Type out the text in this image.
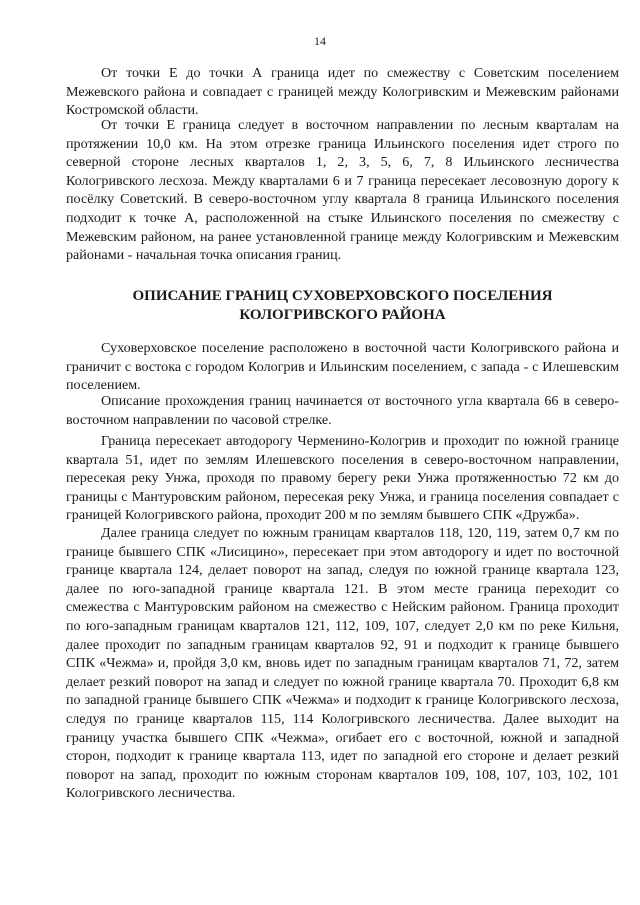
14

От точки Е до точки А граница идет по смежеству с Советским поселением Межевского района и совпадает с границей между Кологривским и Межевским районами Костромской области.

От точки Е граница следует в восточном направлении по лесным кварталам на протяжении 10,0 км. На этом отрезке граница Ильинского поселения идет строго по северной стороне лесных кварталов 1, 2, 3, 5, 6, 7, 8 Ильинского лесничества Кологривского лесхоза. Между кварталами 6 и 7 граница пересекает лесовозную дорогу к посёлку Советский. В северо-восточном углу квартала 8 граница Ильинского поселения подходит к точке А, расположенной на стыке Ильинского поселения по смежеству с Межевским районом, на ранее установленной границе между Кологривским и Межевским районами - начальная точка описания границ.

ОПИСАНИЕ ГРАНИЦ СУХОВЕРХОВСКОГО ПОСЕЛЕНИЯ
КОЛОГРИВСКОГО РАЙОНА

Суховерховское поселение расположено в восточной части Кологривского района и граничит с востока с городом Кологрив и Ильинским поселением, с запада - с Илешевским поселением.

Описание прохождения границ начинается от восточного угла квартала 66 в северо-восточном направлении по часовой стрелке.

Граница пересекает автодорогу Черменино-Кологрив и проходит по южной границе квартала 51, идет по землям Илешевского поселения в северо-восточном направлении, пересекая реку Унжа, проходя по правому берегу реки Унжа протяженностью 72 км до границы с Мантуровским районом, пересекая реку Унжа, и граница поселения совпадает с границей Кологривского района, проходит 200 м по землям бывшего СПК «Дружба».

Далее граница следует по южным границам кварталов 118, 120, 119, затем 0,7 км по границе бывшего СПК «Лисицино», пересекает при этом автодорогу и идет по восточной границе квартала 124, делает поворот на запад, следуя по южной границе квартала 123, далее по юго-западной границе квартала 121. В этом месте граница переходит со смежества с Мантуровским районом на смежество с Нейским районом. Граница проходит по юго-западным границам кварталов 121, 112, 109, 107, следует 2,0 км по реке Кильня, далее проходит по западным границам кварталов 92, 91 и подходит к границе бывшего СПК «Чежма» и, пройдя 3,0 км, вновь идет по западным границам кварталов 71, 72, затем делает резкий поворот на запад и следует по южной границе квартала 70. Проходит 6,8 км по западной границе бывшего СПК «Чежма» и подходит к границе Кологривского лесхоза, следуя по границе кварталов 115, 114 Кологривского лесничества. Далее выходит на границу участка бывшего СПК «Чежма», огибает его с восточной, южной и западной сторон, подходит к границе квартала 113, идет по западной его стороне и делает резкий поворот на запад, проходит по южным сторонам кварталов 109, 108, 107, 103, 102, 101 Кологривского лесничества.
